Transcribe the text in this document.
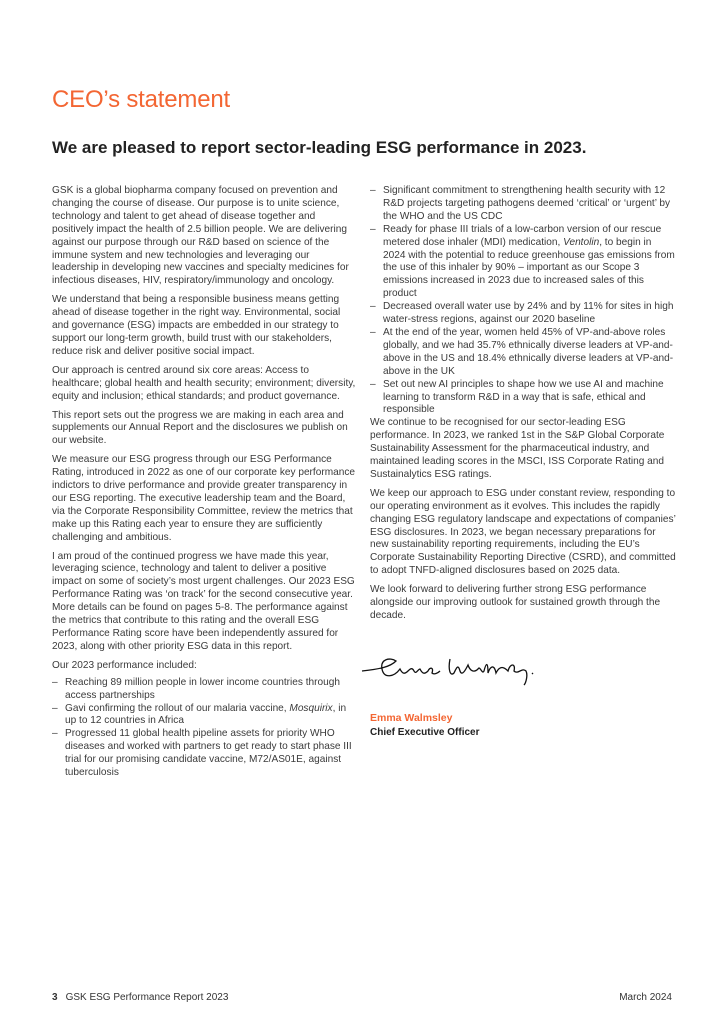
CEO’s statement
We are pleased to report sector-leading ESG performance in 2023.

GSK is a global biopharma company focused on prevention and changing the course of disease. Our purpose is to unite science, technology and talent to get ahead of disease together and positively impact the health of 2.5 billion people. We are delivering against our purpose through our R&D based on science of the immune system and new technologies and leveraging our leadership in developing new vaccines and specialty medicines for infectious diseases, HIV, respiratory/immunology and oncology.

We understand that being a responsible business means getting ahead of disease together in the right way. Environmental, social and governance (ESG) impacts are embedded in our strategy to support our long-term growth, build trust with our stakeholders, reduce risk and deliver positive social impact.

Our approach is centred around six core areas: Access to healthcare; global health and health security; environment; diversity, equity and inclusion; ethical standards; and product governance.

This report sets out the progress we are making in each area and supplements our Annual Report and the disclosures we publish on our website.

We measure our ESG progress through our ESG Performance Rating, introduced in 2022 as one of our corporate key performance indictors to drive performance and provide greater transparency in our ESG reporting. The executive leadership team and the Board, via the Corporate Responsibility Committee, review the metrics that make up this Rating each year to ensure they are sufficiently challenging and ambitious.

I am proud of the continued progress we have made this year, leveraging science, technology and talent to deliver a positive impact on some of society’s most urgent challenges. Our 2023 ESG Performance Rating was ‘on track’ for the second consecutive year. More details can be found on pages 5-8. The performance against the metrics that contribute to this rating and the overall ESG Performance Rating score have been independently assured for 2023, along with other priority ESG data in this report.

Our 2023 performance included:

– Reaching 89 million people in lower income countries through access partnerships
– Gavi confirming the rollout of our malaria vaccine, Mosquirix, in up to 12 countries in Africa
– Progressed 11 global health pipeline assets for priority WHO diseases and worked with partners to get ready to start phase III trial for our promising candidate vaccine, M72/AS01E, against tuberculosis
– Significant commitment to strengthening health security with 12 R&D projects targeting pathogens deemed ‘critical’ or ‘urgent’ by the WHO and the US CDC
– Ready for phase III trials of a low-carbon version of our rescue metered dose inhaler (MDI) medication, Ventolin, to begin in 2024 with the potential to reduce greenhouse gas emissions from the use of this inhaler by 90% – important as our Scope 3 emissions increased in 2023 due to increased sales of this product
– Decreased overall water use by 24% and by 11% for sites in high water-stress regions, against our 2020 baseline
– At the end of the year, women held 45% of VP-and-above roles globally, and we had 35.7% ethnically diverse leaders at VP-and-above in the US and 18.4% ethnically diverse leaders at VP-and-above in the UK
– Set out new AI principles to shape how we use AI and machine learning to transform R&D in a way that is safe, ethical and responsible

We continue to be recognised for our sector-leading ESG performance. In 2023, we ranked 1st in the S&P Global Corporate Sustainability Assessment for the pharmaceutical industry, and maintained leading scores in the MSCI, ISS Corporate Rating and Sustainalytics ESG ratings.

We keep our approach to ESG under constant review, responding to our operating environment as it evolves. This includes the rapidly changing ESG regulatory landscape and expectations of companies’ ESG disclosures. In 2023, we began necessary preparations for new sustainability reporting requirements, including the EU’s Corporate Sustainability Reporting Directive (CSRD), and committed to adopt TNFD-aligned disclosures based on 2025 data.

We look forward to delivering further strong ESG performance alongside our improving outlook for sustained growth through the decade.

Emma Walmsley
Chief Executive Officer
3 GSK ESG Performance Report 2023	March 2024
